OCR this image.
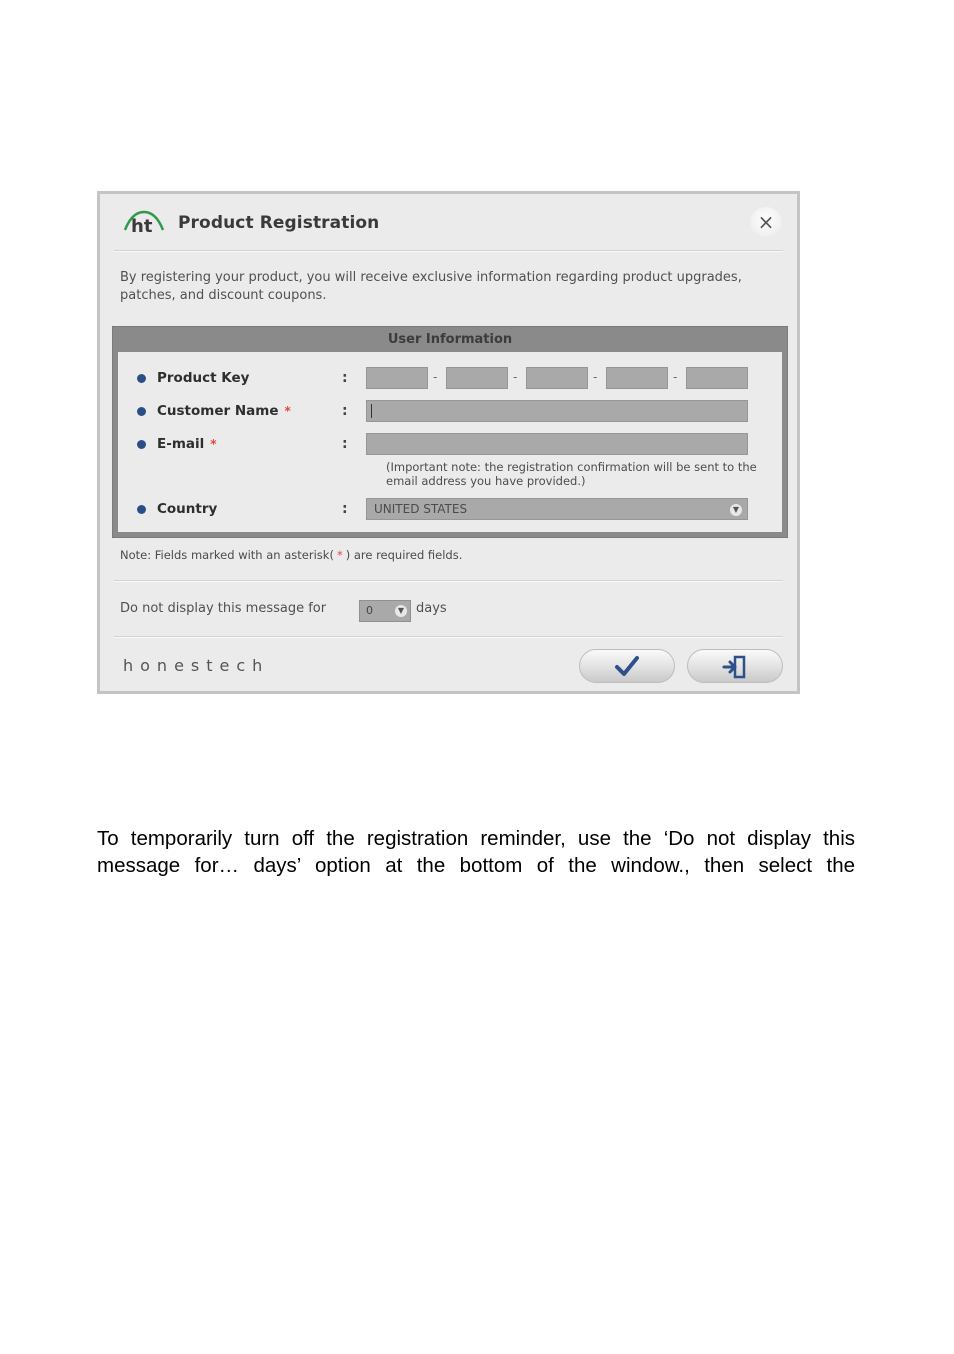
ht Product Registration	×
By registering your product, you will receive exclusive information regarding product upgrades, patches, and discount coupons.
User Information
Product Key	:	-	-	-	-
Customer Name *	:
E-mail *	:
(Important note: the registration confirmation will be sent to the email address you have provided.)
Country	: UNITED STATES	▼
Note: Fields marked with an asterisk( * ) are required fields.
Do not display this message for	0	▼ days
honestech
To temporarily turn off the registration reminder, use the ‘Do not display this message for… days’ option at the bottom of the window., then select the
